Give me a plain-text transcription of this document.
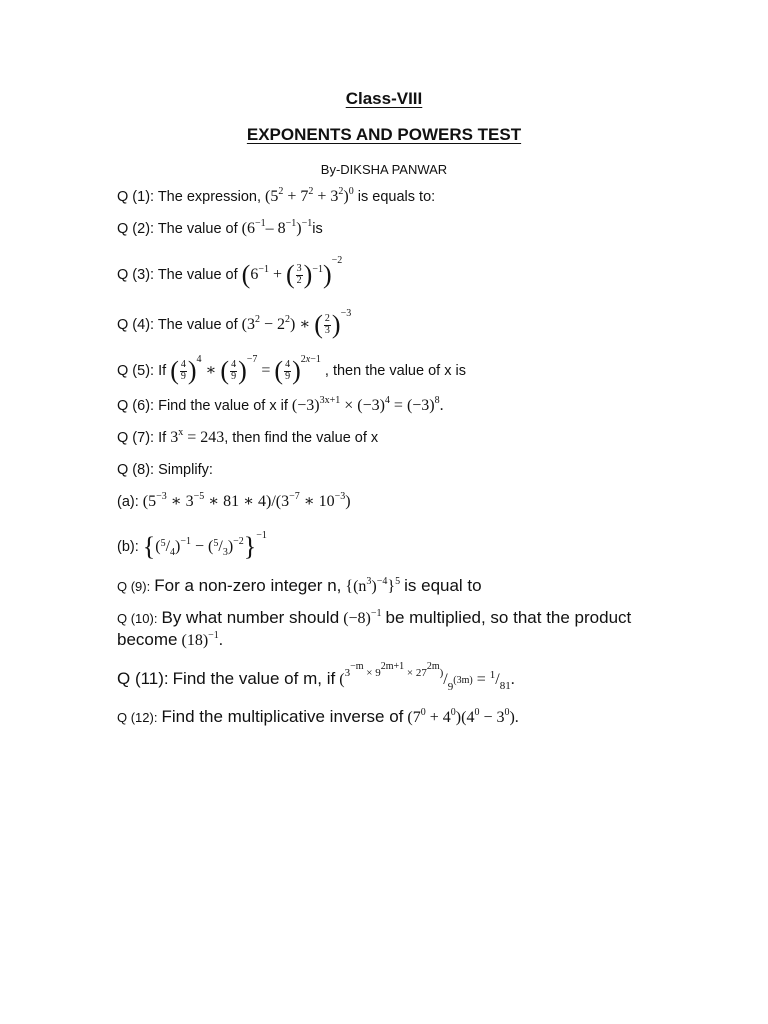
Class-VIII
EXPONENTS AND POWERS TEST
By-DIKSHA PANWAR
Q (1): The expression, $(5^2 + 7^2 + 3^2)^0$ is equals to:
Q (2): The value of ($6^{-1}-$ $8^{-1})^{-1}is$
Q (3): The value of ($6^{-1}$ + ( $\frac{3}{2} )^{-1})^{-2}$
Q (4): The value of $(3^2 - 2^2)$ ∗ ( $\frac{2}{3} )^{-3}$
Q (5): If ( $\frac{4}{9} )^4$ ∗ ( $\frac{4}{9} )^{-7}$ = ( $\frac{4}{9} )^{2x-1}$ , then the value of x is
Q (6): Find the value of x if $(-3)^{3x+1} \times (-3)^4 = (-3)^8$.
Q (7): If $3^x = 243$, then find the value of x
Q (8): Simplify:
(a): ($5^{-3}$ ∗ $3^{-5}$ ∗ 81 ∗ $4)/(3^{-7}$ ∗ $10^{-3}$)
(b): $\{(^5/_4)^{-1} - (^5/_3)^{-2}\}^{-1}$
Q (9): For a non-zero integer n, $\{(n^3)^{-4}\}^5$ is equal to
Q (10): By what number should $(-8)^{-1}$ be multiplied, so that the product
become $(18)^{-1}$.
Q (11): Find the value of m, if ($^{3^{-m} \times 9^{2m+1} \times 27^{2m})}/_{9^{(3m)}} = ^1/_{81}$.
Q (12): Find the multiplicative inverse of $(7^0 + 4^0)(4^0 - 3^0)$.
